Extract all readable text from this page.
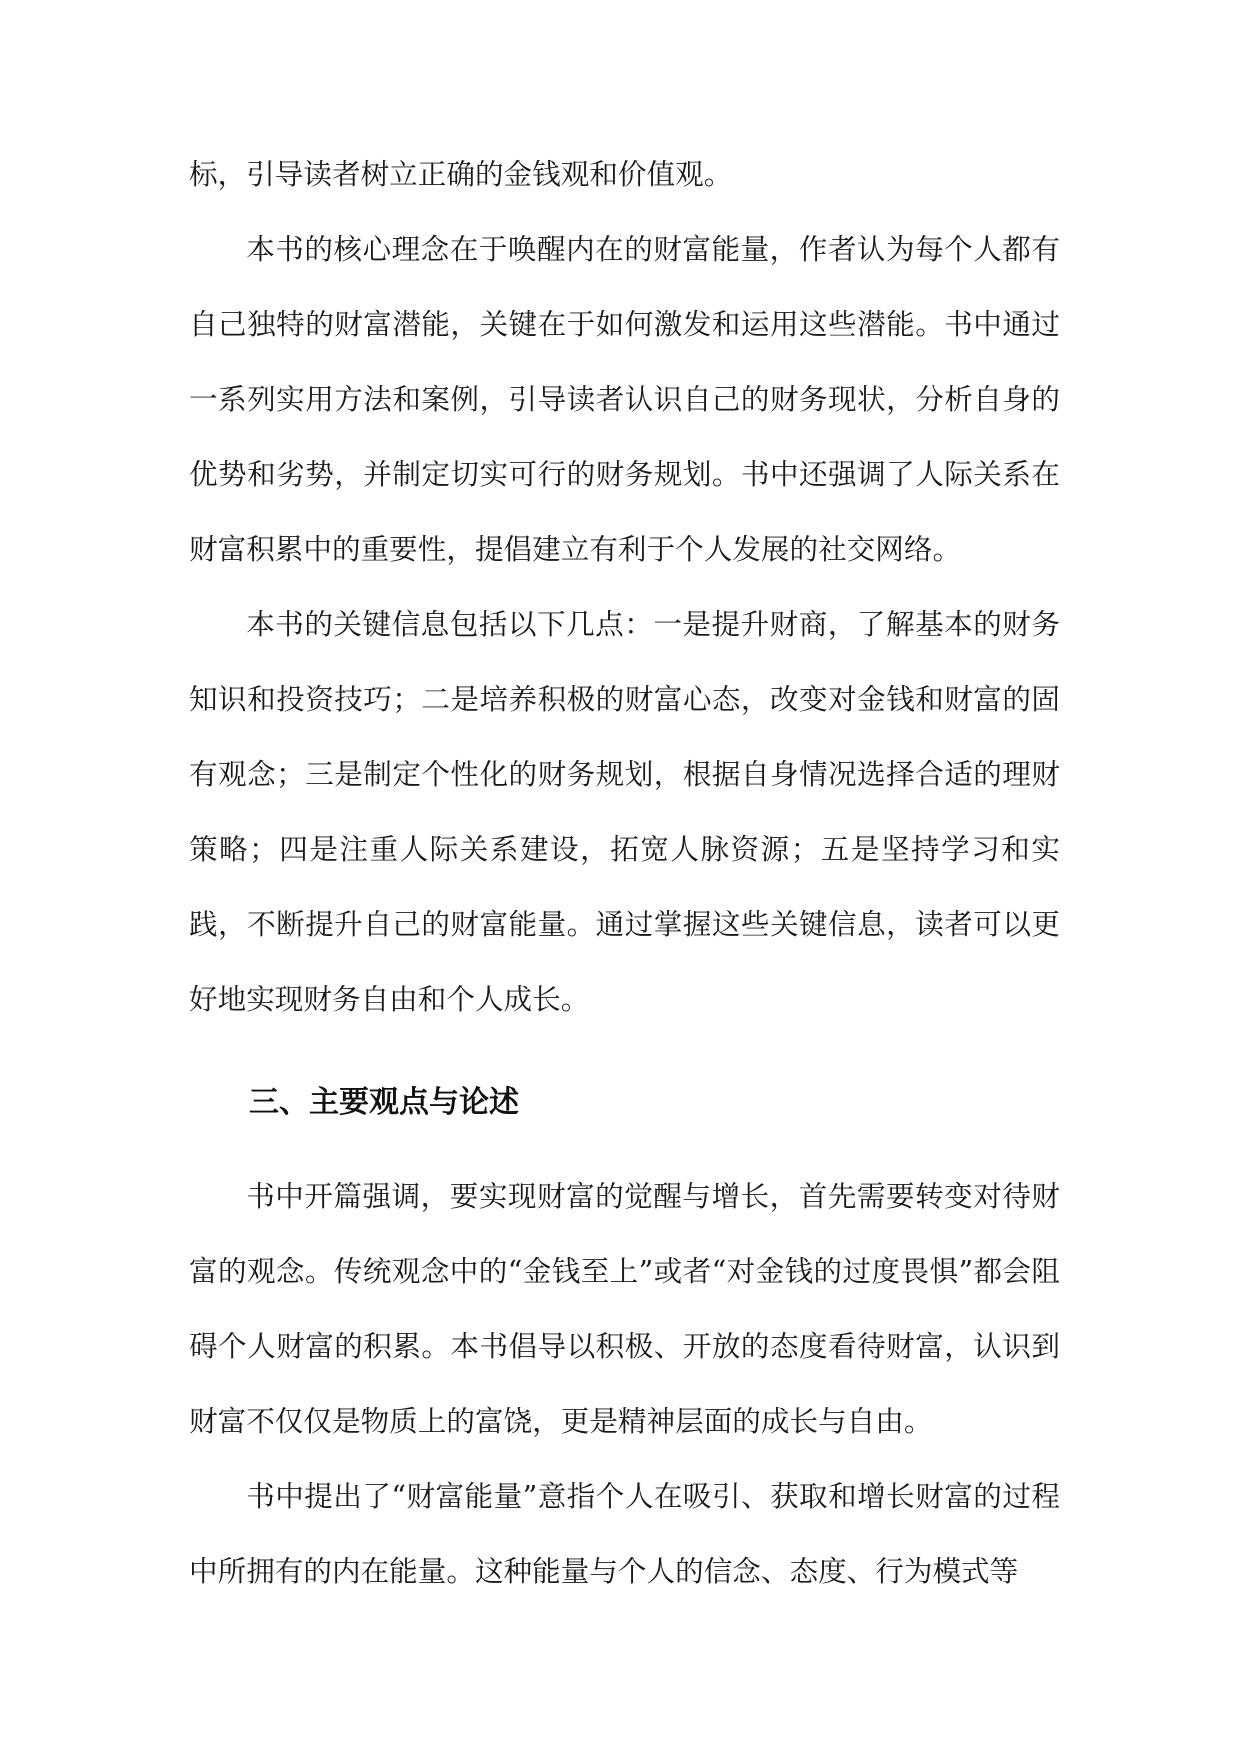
标，引导读者树立正确的金钱观和价值观。

本书的核心理念在于唤醒内在的财富能量，作者认为每个人都有自己独特的财富潜能，关键在于如何激发和运用这些潜能。书中通过一系列实用方法和案例，引导读者认识自己的财务现状，分析自身的优势和劣势，并制定切实可行的财务规划。书中还强调了人际关系在财富积累中的重要性，提倡建立有利于个人发展的社交网络。

本书的关键信息包括以下几点：一是提升财商，了解基本的财务知识和投资技巧；二是培养积极的财富心态，改变对金钱和财富的固有观念；三是制定个性化的财务规划，根据自身情况选择合适的理财策略；四是注重人际关系建设，拓宽人脉资源；五是坚持学习和实践，不断提升自己的财富能量。通过掌握这些关键信息，读者可以更好地实现财务自由和个人成长。

三、主要观点与论述

书中开篇强调，要实现财富的觉醒与增长，首先需要转变对待财富的观念。传统观念中的“金钱至上”或者“对金钱的过度畏惧”都会阻碍个人财富的积累。本书倡导以积极、开放的态度看待财富，认识到财富不仅仅是物质上的富饶，更是精神层面的成长与自由。

书中提出了“财富能量”意指个人在吸引、获取和增长财富的过程中所拥有的内在能量。这种能量与个人的信念、态度、行为模式等
